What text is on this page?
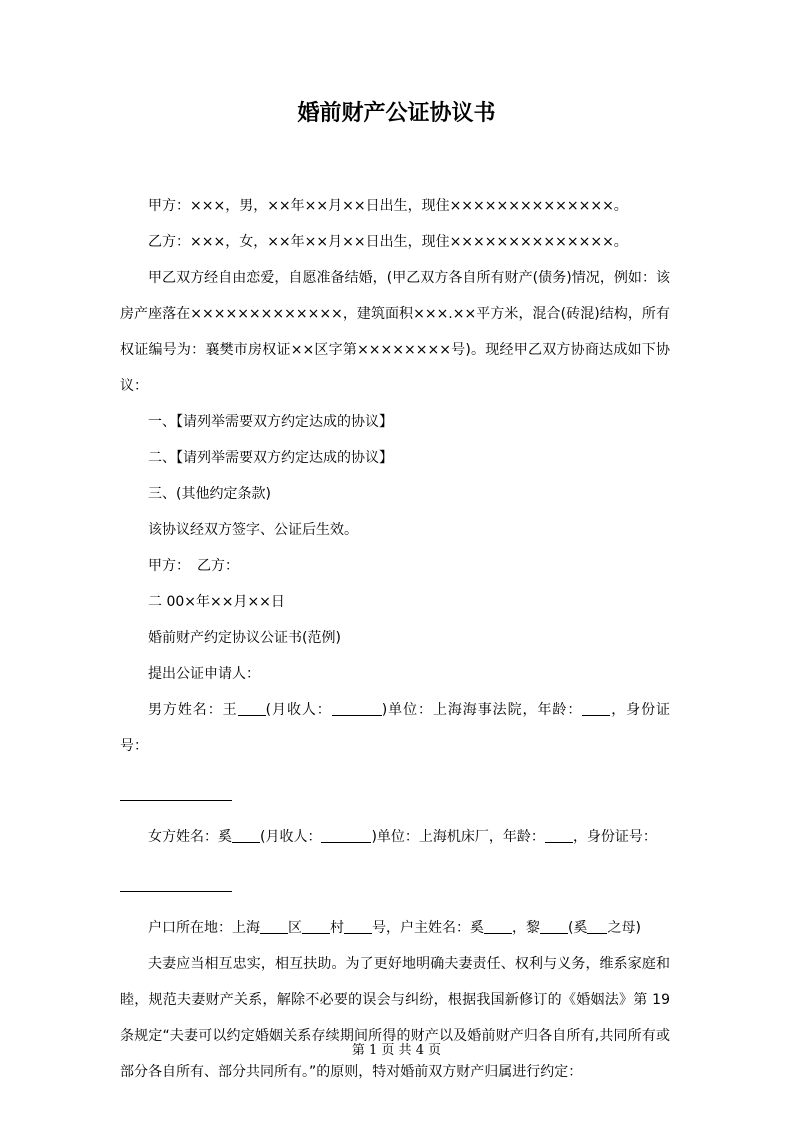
婚前财产公证协议书

甲方：×××，男，××年××月××日出生，现住××××××××××××××。

乙方：×××，女，××年××月××日出生，现住××××××××××××××。

甲乙双方经自由恋爱，自愿准备结婚，(甲乙双方各自所有财产(债务)情况，例如：该房产座落在×××××××××××××，建筑面积×××.××平方米，混合(砖混)结构，所有权证编号为：襄樊市房权证××区字第××××××××号)。现经甲乙双方协商达成如下协议：

一、【请列举需要双方约定达成的协议】

二、【请列举需要双方约定达成的协议】

三、(其他约定条款)

该协议经双方签字、公证后生效。

甲方：　乙方：

二 00×年××月××日

婚前财产约定协议公证书(范例)

提出公证申请人：

男方姓名：王 (月收人：	)单位：上海海事法院，年龄： ，身份证号：

女方姓名：奚 (月收人：	)单位：上海机床厂，年龄： ，身份证号：

户口所在地：上海 区 村 号，户主姓名：奚 ，黎 (奚 之母)

夫妻应当相互忠实，相互扶助。为了更好地明确夫妻责任、权利与义务，维系家庭和睦，规范夫妻财产关系，解除不必要的误会与纠纷，根据我国新修订的《婚姻法》第 19 条规定“夫妻可以约定婚姻关系存续期间所得的财产以及婚前财产归各自所有,共同所有或部分各自所有、部分共同所有。”的原则，特对婚前双方财产归属进行约定：

第 1 页 共 4 页
